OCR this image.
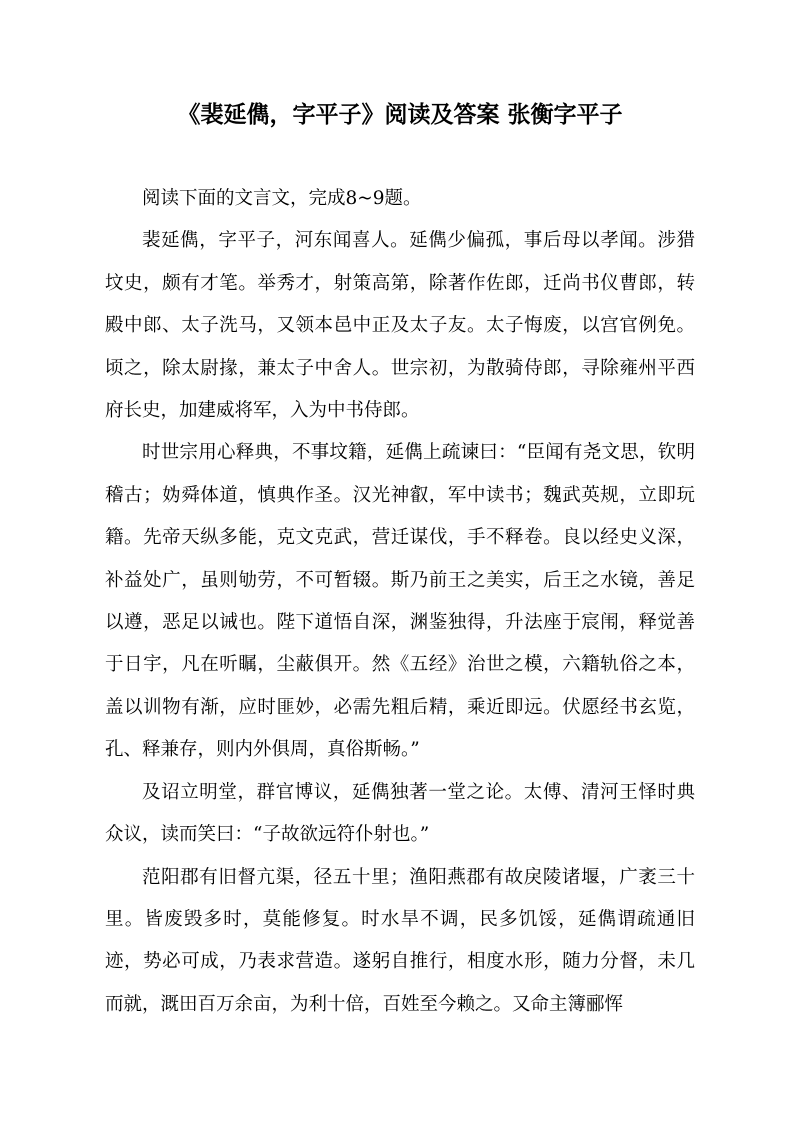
《裴延儁，字平子》阅读及答案 张衡字平子

阅读下面的文言文，完成8~9题。

裴延儁，字平子，河东闻喜人。延儁少偏孤，事后母以孝闻。涉猎坟史，颇有才笔。举秀才，射策高第，除著作佐郎，迁尚书仪曹郎，转殿中郎、太子洗马，又领本邑中正及太子友。太子悔废，以宫官例免。顷之，除太尉掾，兼太子中舍人。世宗初，为散骑侍郎，寻除雍州平西府长史，加建威将军，入为中书侍郎。

时世宗用心释典，不事坟籍，延儁上疏谏曰：“臣闻有尧文思，钦明稽古；妫舜体道，慎典作圣。汉光神叡，军中读书；魏武英规，立即玩籍。先帝天纵多能，克文克武，营迁谋伐，手不释卷。良以经史义深，补益处广，虽则劬劳，不可暂辍。斯乃前王之美实，后王之水镜，善足以遵，恶足以诫也。陛下道悟自深，渊鉴独得，升法座于宸闱，释觉善于日宇，凡在听瞩，尘蔽俱开。然《五经》治世之模，六籍轨俗之本，盖以训物有渐，应时匪妙，必需先粗后精，乘近即远。伏愿经书玄览，孔、释兼存，则内外俱周，真俗斯畅。”

及诏立明堂，群官博议，延儁独著一堂之论。太傅、清河王怿时典众议，读而笑曰：“子故欲远符仆射也。”

范阳郡有旧督亢渠，径五十里；渔阳燕郡有故戾陵诸堰，广袤三十里。皆废毁多时，莫能修复。时水旱不调，民多饥馁，延儁谓疏通旧迹，势必可成，乃表求营造。遂躬自推行，相度水形，随力分督，未几而就，溉田百万余亩，为利十倍，百姓至今赖之。又命主簿郦恽
